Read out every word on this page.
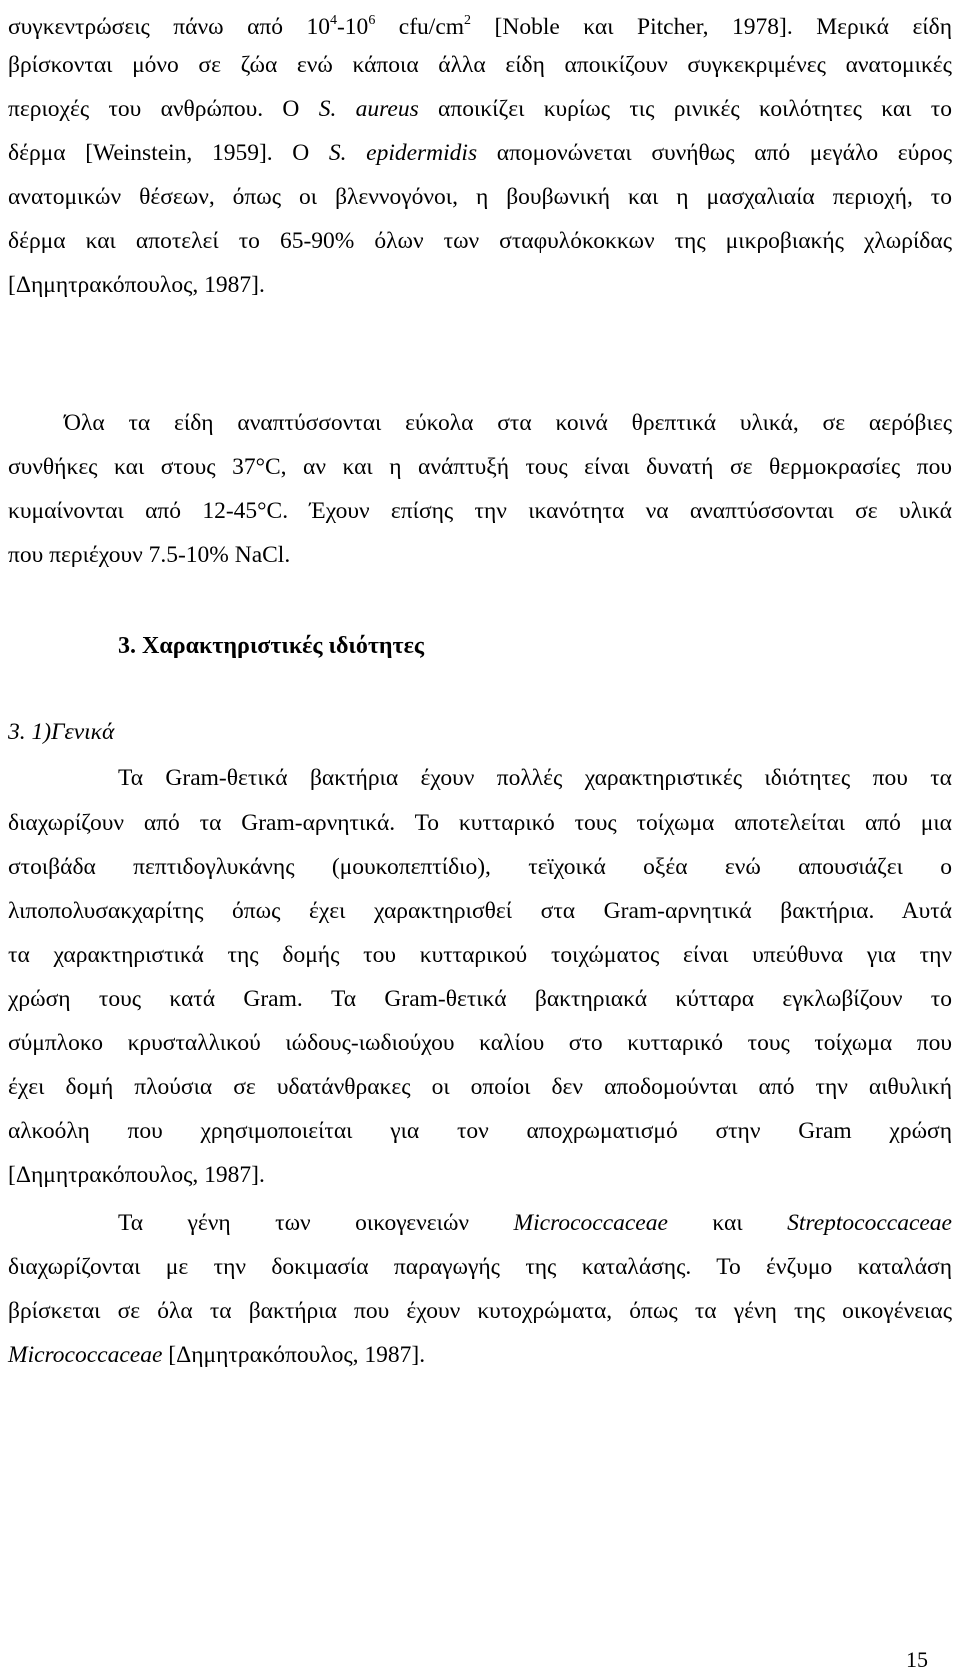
συγκεντρώσεις πάνω από $10^4-10^6$ cfu/$cm^2$ [Noble και Pitcher, 1978]. Μερικά είδη
βρίσκονται μόνο σε ζώα ενώ κάποια άλλα είδη αποικίζουν συγκεκριμένες ανατομικές
περιοχές του ανθρώπου. Ο S. aureus αποικίζει κυρίως τις ρινικές κοιλότητες και το
δέρμα [Weinstein, 1959]. Ο S. epidermidis απομονώνεται συνήθως από μεγάλο εύρος
ανατομικών θέσεων, όπως οι βλεννογόνοι, η βουβωνική και η μασχαλιαία περιοχή, το
δέρμα και αποτελεί το 65-90% όλων των σταφυλόκοκκων της μικροβιακής χλωρίδας
[Δημητρακόπουλος, 1987].
Όλα τα είδη αναπτύσσονται εύκολα στα κοινά θρεπτικά υλικά, σε αερόβιες
συνθήκες και στους 37°C, αν και η ανάπτυξή τους είναι δυνατή σε θερμοκρασίες που
κυμαίνονται από 12-45°C. Έχουν επίσης την ικανότητα να αναπτύσσονται σε υλικά
που περιέχουν 7.5-10% NaCl.
3. Χαρακτηριστικές ιδιότητες
3. 1)Γενικά
Τα Gram-θετικά βακτήρια έχουν πολλές χαρακτηριστικές ιδιότητες που τα
διαχωρίζουν από τα Gram-αρνητικά. Το κυτταρικό τους τοίχωμα αποτελείται από μια
στοιβάδα πεπτιδογλυκάνης (μουκοπεπτίδιο), τεϊχοικά οξέα ενώ απουσιάζει ο
λιποπολυσακχαρίτης όπως έχει χαρακτηρισθεί στα Gram-αρνητικά βακτήρια. Αυτά
τα χαρακτηριστικά της δομής του κυτταρικού τοιχώματος είναι υπεύθυνα για την
χρώση τους κατά Gram. Τα Gram-θετικά βακτηριακά κύτταρα εγκλωβίζουν το
σύμπλοκο κρυσταλλικού ιώδους-ιωδιούχου καλίου στο κυτταρικό τους τοίχωμα που
έχει δομή πλούσια σε υδατάνθρακες οι οποίοι δεν αποδομούνται από την αιθυλική
αλκοόλη που χρησιμοποιείται για τον αποχρωματισμό στην Gram χρώση
[Δημητρακόπουλος, 1987].
Τα γένη των οικογενειών Micrococcaceae και Streptococcaceae
διαχωρίζονται με την δοκιμασία παραγωγής της καταλάσης. Το ένζυμο καταλάση
βρίσκεται σε όλα τα βακτήρια που έχουν κυτοχρώματα, όπως τα γένη της οικογένειας
Micrococcaceae [Δημητρακόπουλος, 1987].
15
